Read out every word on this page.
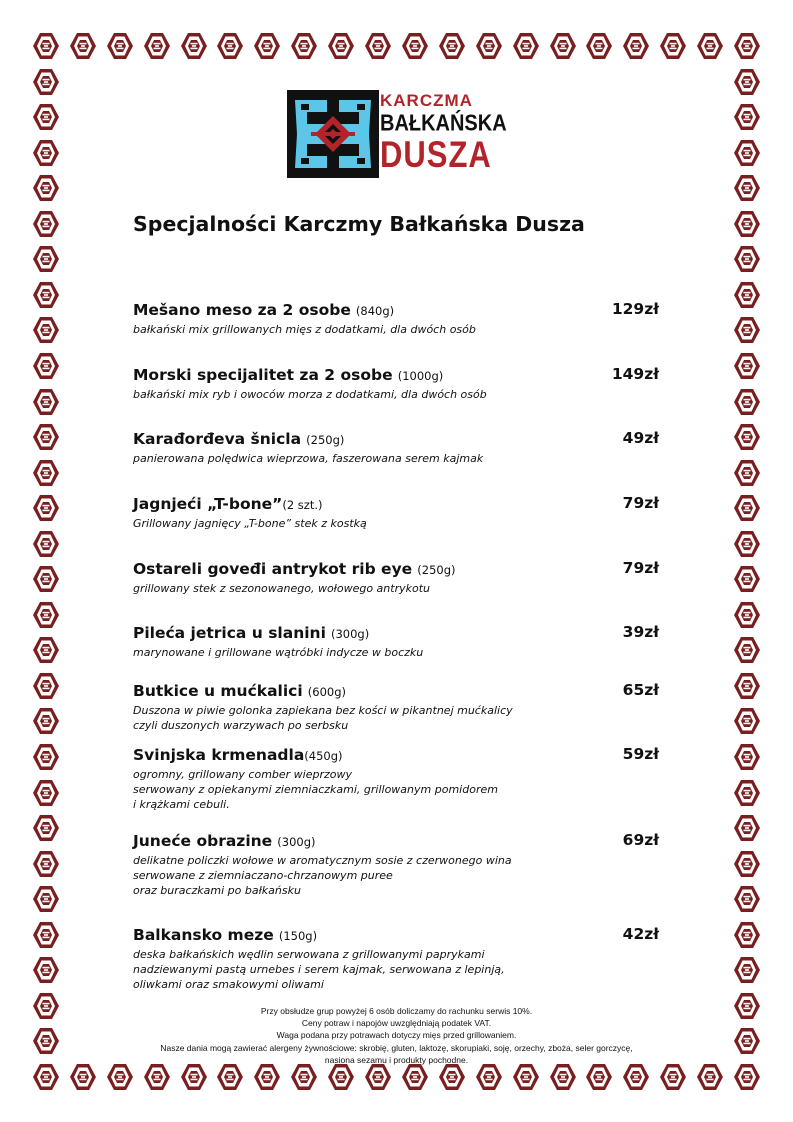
KARCZMA
BAŁKAŃSKA
DUSZA
Specjalności Karczmy Bałkańska Dusza
Mešano meso za 2 osobe (840g)	129zł
bałkański mix grillowanych mięs z dodatkami, dla dwóch osób
Morski specijalitet za 2 osobe (1000g)	149zł
bałkański mix ryb i owoców morza z dodatkami, dla dwóch osób
Karađorđeva šnicla (250g)	49zł
panierowana polędwica wieprzowa, faszerowana serem kajmak
Jagnjeći „T-bone”(2 szt.)	79zł
Grillowany jagnięcy „T-bone” stek z kostką
Ostareli goveđi antrykot rib eye (250g)	79zł
grillowany stek z sezonowanego, wołowego antrykotu
Pileća jetrica u slanini (300g)	39zł
marynowane i grillowane wątróbki indycze w boczku
Butkice u mućkalici (600g)	65zł
Duszona w piwie golonka zapiekana bez kości w pikantnej mućkalicy
czyli duszonych warzywach po serbsku
Svinjska krmenadla(450g)	59zł
ogromny, grillowany comber wieprzowy
serwowany z opiekanymi ziemniaczkami, grillowanym pomidorem
i krążkami cebuli.
Juneće obrazine (300g)	69zł
delikatne policzki wołowe w aromatycznym sosie z czerwonego wina
serwowane z ziemniaczano-chrzanowym puree
oraz buraczkami po bałkańsku
Balkansko meze (150g)	42zł
deska bałkańskich wędlin serwowana z grillowanymi paprykami
nadziewanymi pastą urnebes i serem kajmak, serwowana z lepinją,
oliwkami oraz smakowymi oliwami
Przy obsłudze grup powyżej 6 osób doliczamy do rachunku serwis 10%.
Ceny potraw i napojów uwzględniają podatek VAT.
Waga podana przy potrawach dotyczy mięs przed grillowaniem.
Nasze dania mogą zawierać alergeny żywnościowe: skrobię, gluten, laktozę, skorupiaki, soję, orzechy, zboża, seler gorczycę,
nasiona sezamu i produkty pochodne.
